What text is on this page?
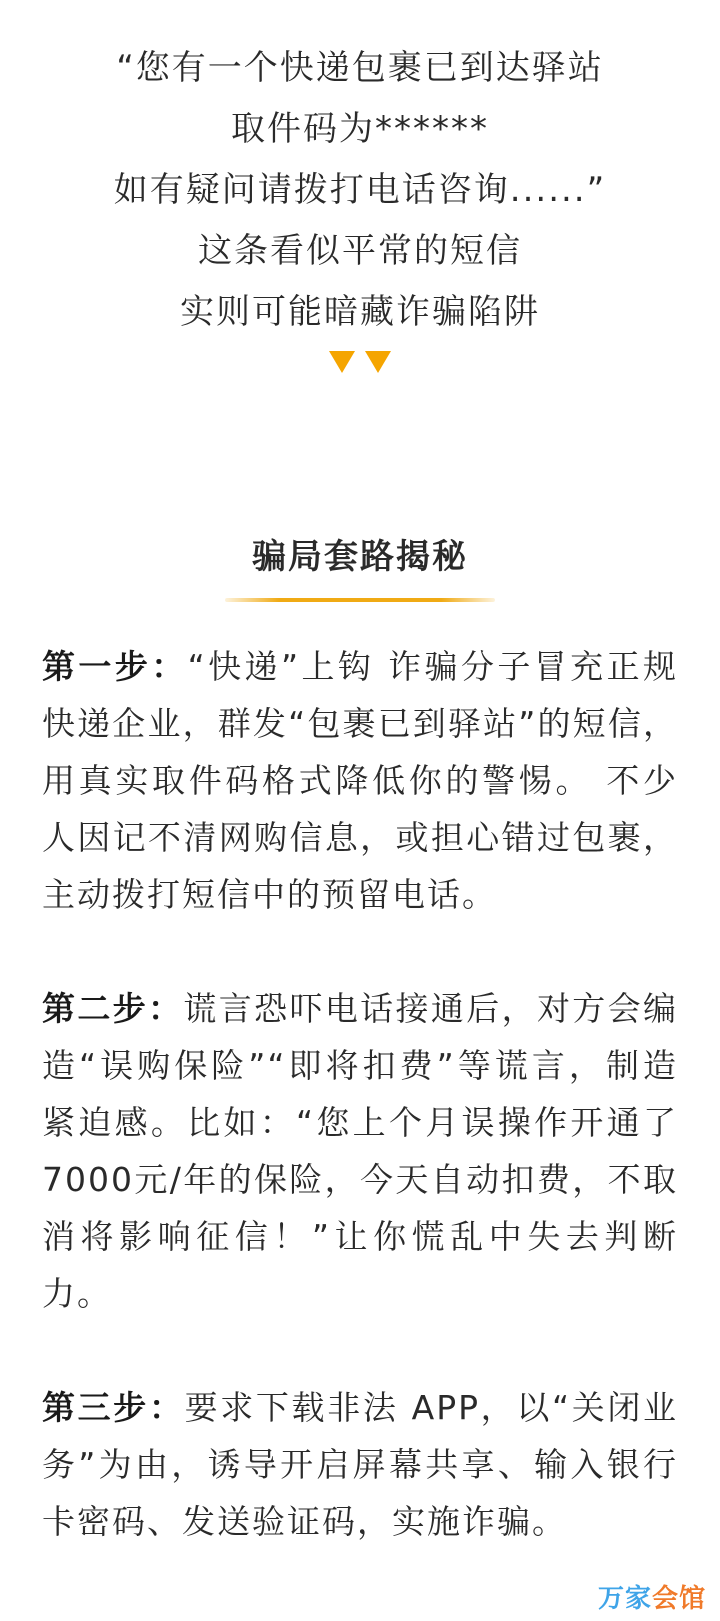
“您有一个快递包裹已到达驿站
取件码为******
如有疑问请拨打电话咨询......”
这条看似平常的短信
实则可能暗藏诈骗陷阱
骗局套路揭秘

第一步：“快递”上钩 诈骗分子冒充正规快递企业，群发“包裹已到驿站”的短信，用真实取件码格式降低你的警惕。 不少人因记不清网购信息，或担心错过包裹，主动拨打短信中的预留电话。

第二步：谎言恐吓电话接通后，对方会编造“误购保险”“即将扣费”等谎言，制造紧迫感。比如：“您上个月误操作开通了 7000元/年的保险，今天自动扣费，不取消将影响征信！”让你慌乱中失去判断力。

第三步：要求下载非法 APP，以“关闭业务”为由，诱导开启屏幕共享、输入银行卡密码、发送验证码，实施诈骗。

万家会馆
